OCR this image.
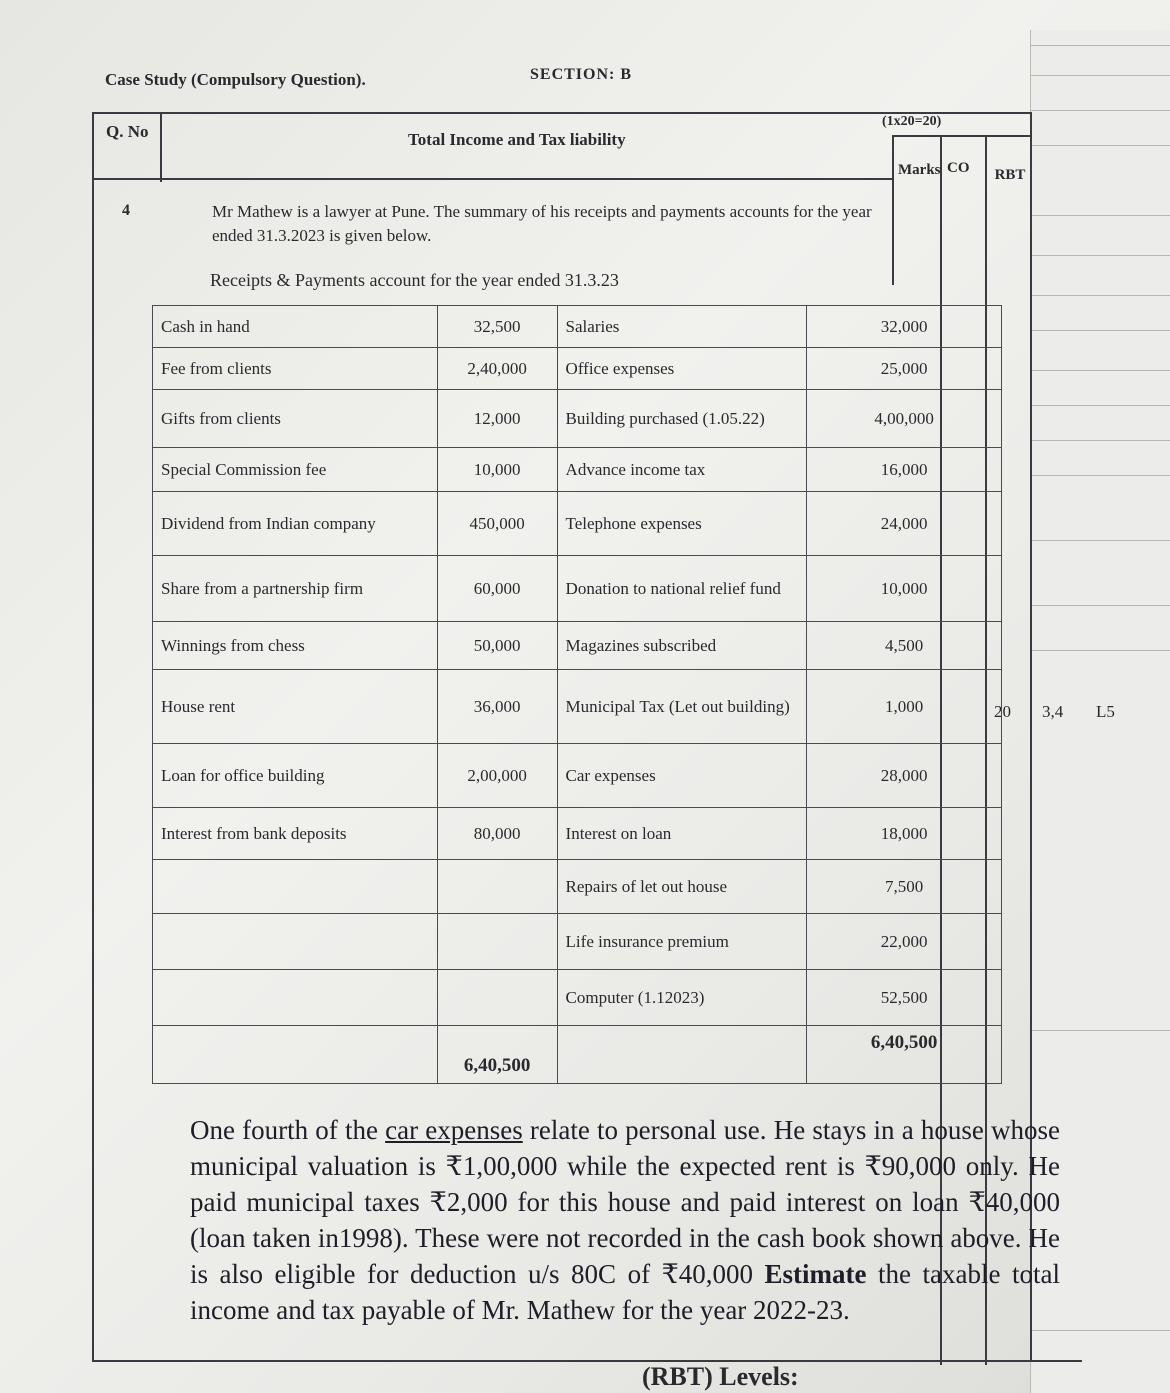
Case Study (Compulsory Question).	SECTION: B
Q. No	Total Income and Tax liability
(1x20=20)
Marks CO RBT
4	Mr Mathew is a lawyer at Pune. The summary of his receipts and payments accounts for the year ended 31.3.2023 is given below.
Receipts & Payments account for the year ended 31.3.23
20 3,4 L5
Cash in hand	32,500	Salaries	32,000
Fee from clients	2,40,000	Office expenses	25,000
Gifts from clients	12,000	Building purchased (1.05.22)	4,00,000
Special Commission fee	10,000	Advance income tax	16,000
Dividend from Indian company	450,000	Telephone expenses	24,000
Share from a partnership firm	60,000	Donation to national relief fund	10,000
Winnings from chess	50,000	Magazines subscribed	4,500
House rent	36,000	Municipal Tax (Let out building)	1,000
Loan for office building	2,00,000	Car expenses	28,000
Interest from bank deposits	80,000	Interest on loan	18,000
		Repairs of let out house	7,500
		Life insurance premium	22,000
		Computer (1.12023)	52,500
	6,40,500		6,40,500
One fourth of the car expenses relate to personal use. He stays in a house whose municipal valuation is ₹1,00,000 while the expected rent is ₹90,000 only. He paid municipal taxes ₹2,000 for this house and paid interest on loan ₹40,000 (loan taken in1998). These were not recorded in the cash book shown above. He is also eligible for deduction u/s 80C of ₹40,000 Estimate the taxable total income and tax payable of Mr. Mathew for the year 2022-23.
(RBT) Levels:
